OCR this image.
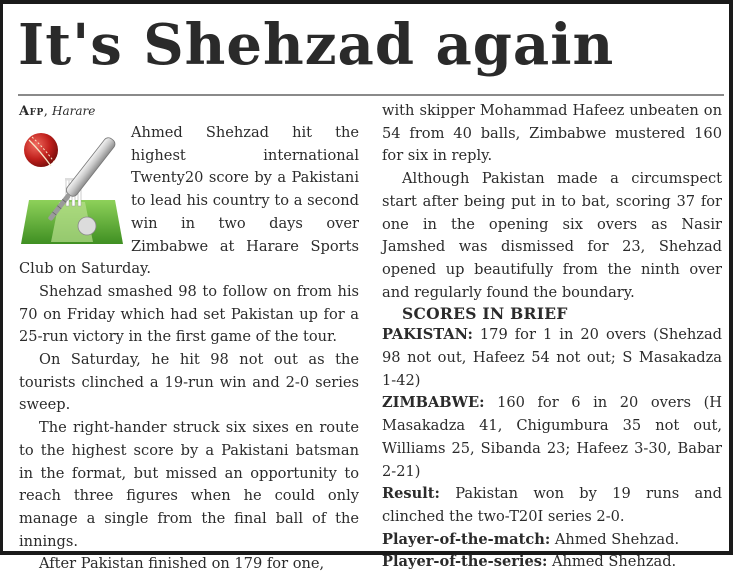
It's Shehzad again

Afp, Harare

Ahmed Shehzad hit the highest international Twenty20 score by a Pakistani to lead his country to a second win in two days over Zimbabwe at Harare Sports Club on Saturday.

Shehzad smashed 98 to follow on from his 70 on Friday which had set Pakistan up for a 25-run victory in the first game of the tour.

On Saturday, he hit 98 not out as the tourists clinched a 19-run win and 2-0 series sweep.

The right-hander struck six sixes en route to the highest score by a Pakistani batsman in the format, but missed an opportunity to reach three figures when he could only manage a single from the final ball of the innings.

After Pakistan finished on 179 for one,

with skipper Mohammad Hafeez unbeaten on 54 from 40 balls, Zimbabwe mustered 160 for six in reply.

Although Pakistan made a circumspect start after being put in to bat, scoring 37 for one in the opening six overs as Nasir Jamshed was dismissed for 23, Shehzad opened up beautifully from the ninth over and regularly found the boundary.

SCORES IN BRIEF

PAKISTAN: 179 for 1 in 20 overs (Shehzad 98 not out, Hafeez 54 not out; S Masakadza 1-42)

ZIMBABWE: 160 for 6 in 20 overs (H Masakadza 41, Chigumbura 35 not out, Williams 25, Sibanda 23; Hafeez 3-30, Babar 2-21)

Result: Pakistan won by 19 runs and clinched the two-T20I series 2-0.

Player-of-the-match: Ahmed Shehzad.

Player-of-the-series: Ahmed Shehzad.
